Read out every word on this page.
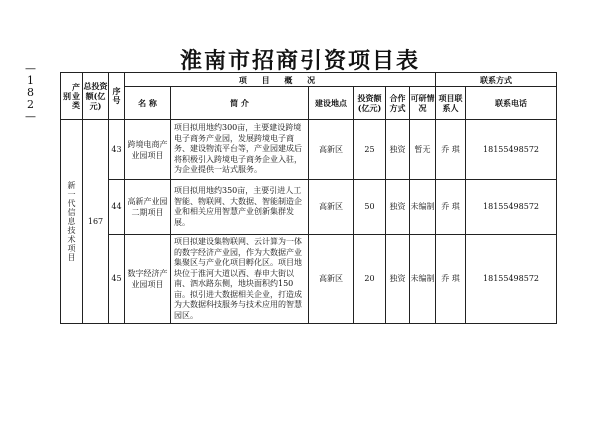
—182—
淮南市招商引资项目表
产业类别	总投资额(亿元)	序号	项 目 概 况						联系方式	
			名 称	简 介	建设地点	投资额(亿元)	合作方式	可研情况	项目联系人	联系电话

新一代信息技术项目	167	43	跨境电商产业园项目	项目拟用地约300亩，主要建设跨境电子商务产业园，发展跨境电子商务、建设物流平台等，产业园建成后将积极引入跨境电子商务企业入驻，为企业提供一站式服务。	高新区	25	独资	暂无	乔 琪	18155498572
		44	高新产业园二期项目	项目拟用地约350亩，主要引进人工智能、物联网、大数据、智能制造企业和相关应用智慧产业创新集群发展。	高新区	50	独资	未编制	乔 琪	18155498572
		45	数字经济产业园项目	项目拟建设集物联网、云计算为一体的数字经济产业园，作为大数据产业集聚区与产业化项目孵化区。项目地块位于淮河大道以西、春申大街以南、泗水路东侧，地块面积约150亩。拟引进大数据相关企业，打造成为大数据科技服务与技术应用的智慧园区。	高新区	20	独资	未编制	乔 琪	18155498572
